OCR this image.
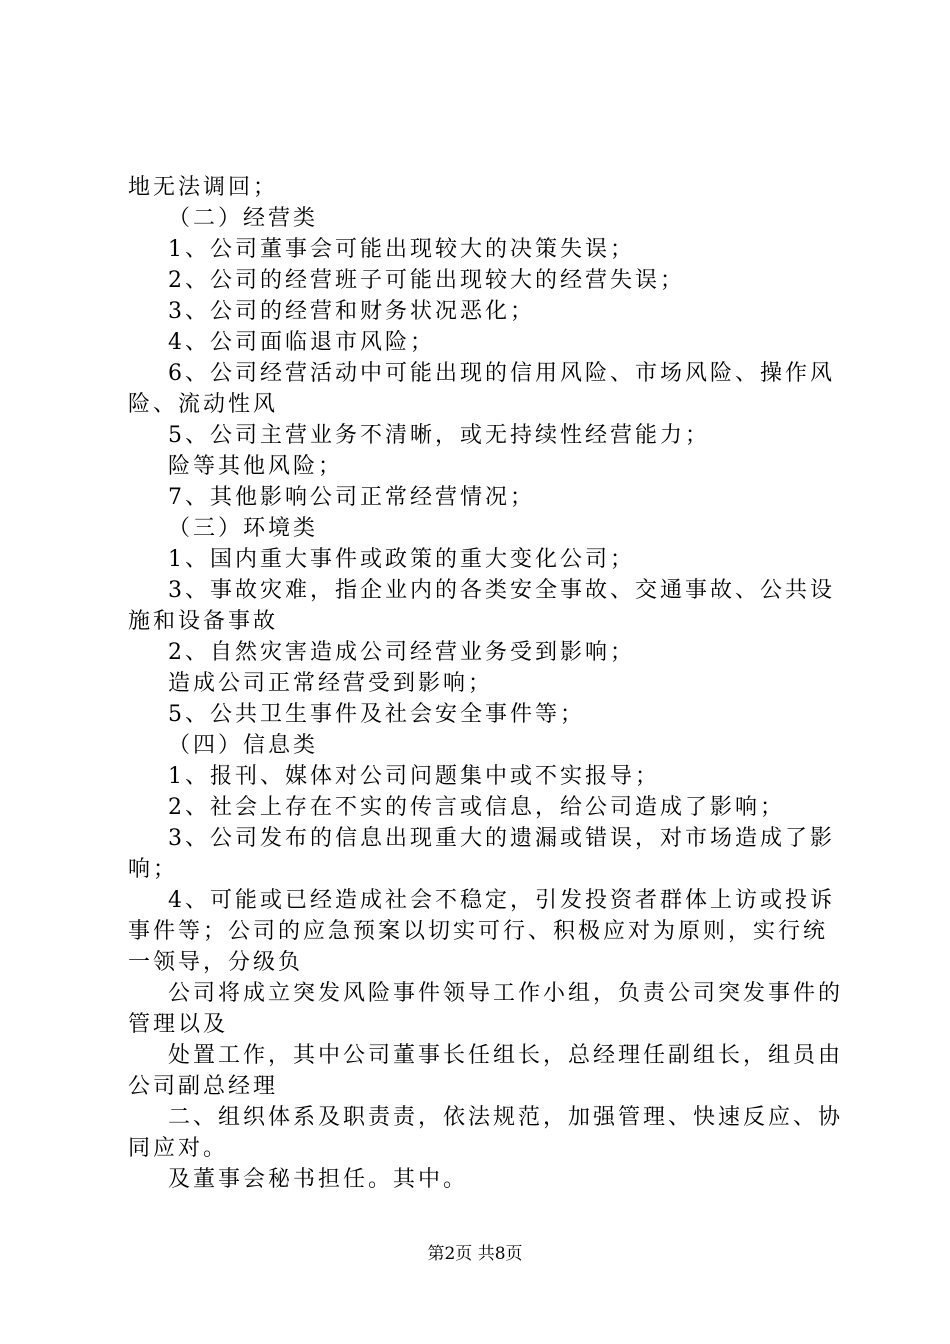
地无法调回；

（二）经营类

1、公司董事会可能出现较大的决策失误；

2、公司的经营班子可能出现较大的经营失误；

3、公司的经营和财务状况恶化；

4、公司面临退市风险；

6、公司经营活动中可能出现的信用风险、市场风险、操作风险、流动性风

5、公司主营业务不清晰，或无持续性经营能力；

险等其他风险；

7、其他影响公司正常经营情况；

（三）环境类

1、国内重大事件或政策的重大变化公司；

3、事故灾难，指企业内的各类安全事故、交通事故、公共设施和设备事故

2、自然灾害造成公司经营业务受到影响；

造成公司正常经营受到影响；

5、公共卫生事件及社会安全事件等；

（四）信息类

1、报刊、媒体对公司问题集中或不实报导；

2、社会上存在不实的传言或信息，给公司造成了影响；

3、公司发布的信息出现重大的遗漏或错误，对市场造成了影响；

4、可能或已经造成社会不稳定，引发投资者群体上访或投诉事件等；公司的应急预案以切实可行、积极应对为原则，实行统一领导，分级负

公司将成立突发风险事件领导工作小组，负责公司突发事件的管理以及

处置工作，其中公司董事长任组长，总经理任副组长，组员由公司副总经理

二、组织体系及职责责，依法规范，加强管理、快速反应、协同应对。

及董事会秘书担任。其中。

第2页 共8页
